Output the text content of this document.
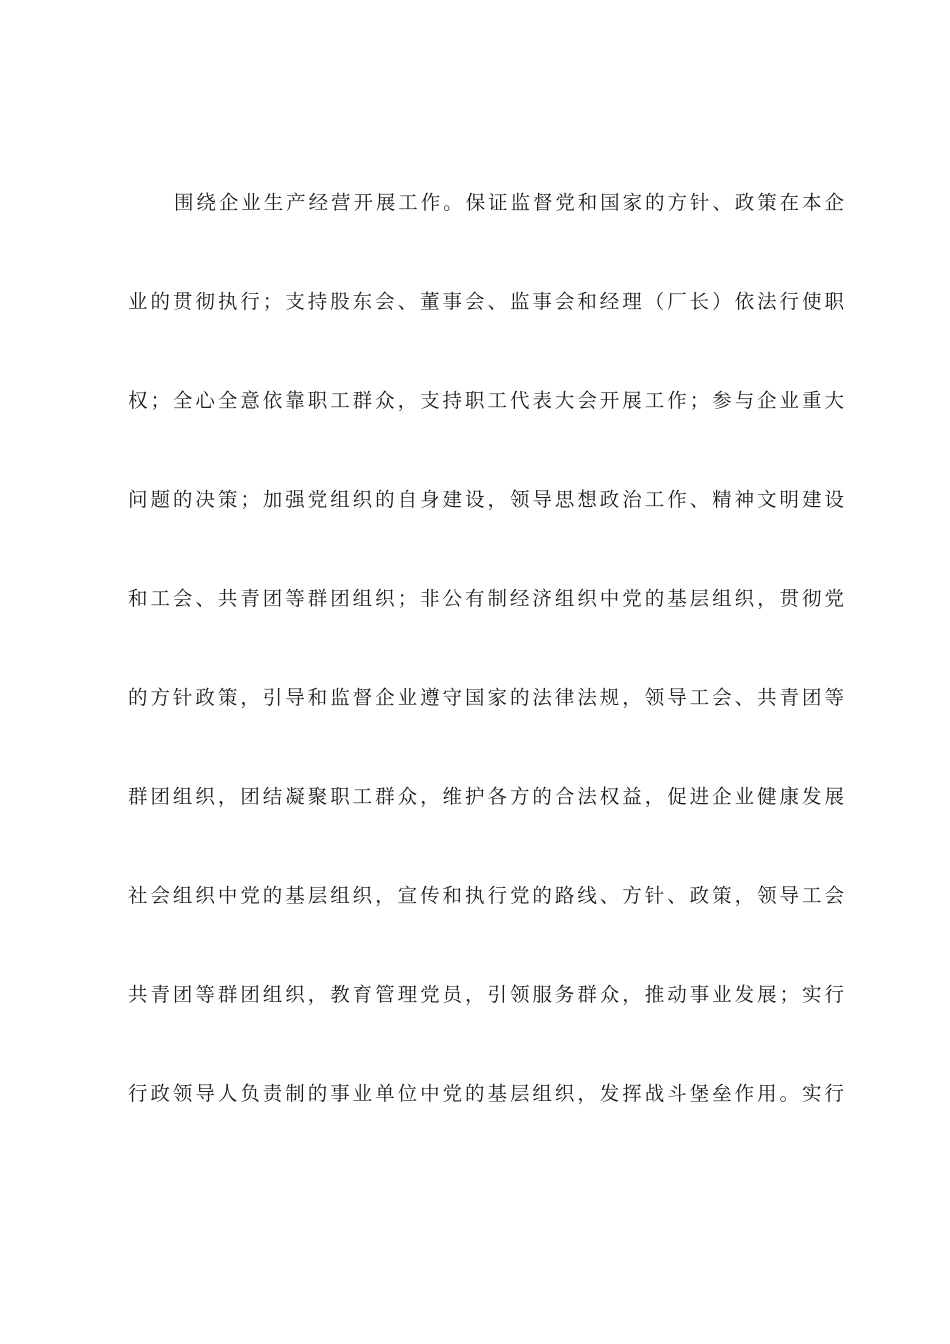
围绕企业生产经营开展工作。保证监督党和国家的方针、政策在本企
业的贯彻执行；支持股东会、董事会、监事会和经理（厂长）依法行使职
权；全心全意依靠职工群众，支持职工代表大会开展工作；参与企业重大
问题的决策；加强党组织的自身建设，领导思想政治工作、精神文明建设
和工会、共青团等群团组织；非公有制经济组织中党的基层组织，贯彻党
的方针政策，引导和监督企业遵守国家的法律法规，领导工会、共青团等
群团组织，团结凝聚职工群众，维护各方的合法权益，促进企业健康发展
社会组织中党的基层组织，宣传和执行党的路线、方针、政策，领导工会
共青团等群团组织，教育管理党员，引领服务群众，推动事业发展；实行
行政领导人负责制的事业单位中党的基层组织，发挥战斗堡垒作用。实行
